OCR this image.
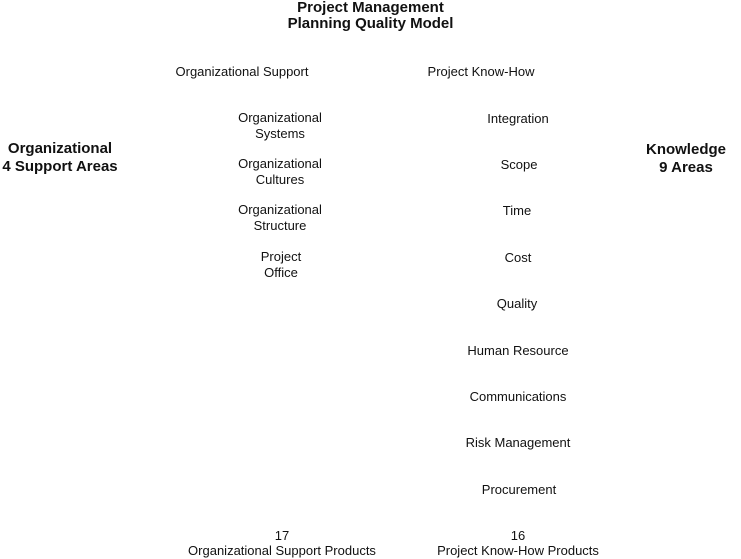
Project Management
Planning Quality Model
Organizational
4 Support Areas
Knowledge
9 Areas
Organizational Support	Project Know-How
Organizational
Systems
Organizational
Cultures
Organizational
Structure
Project
Office
Integration
Scope
Time
Cost
Quality
Human Resource
Communications
Risk Management
Procurement
17
Organizational Support Products
16
Project Know-How Products
